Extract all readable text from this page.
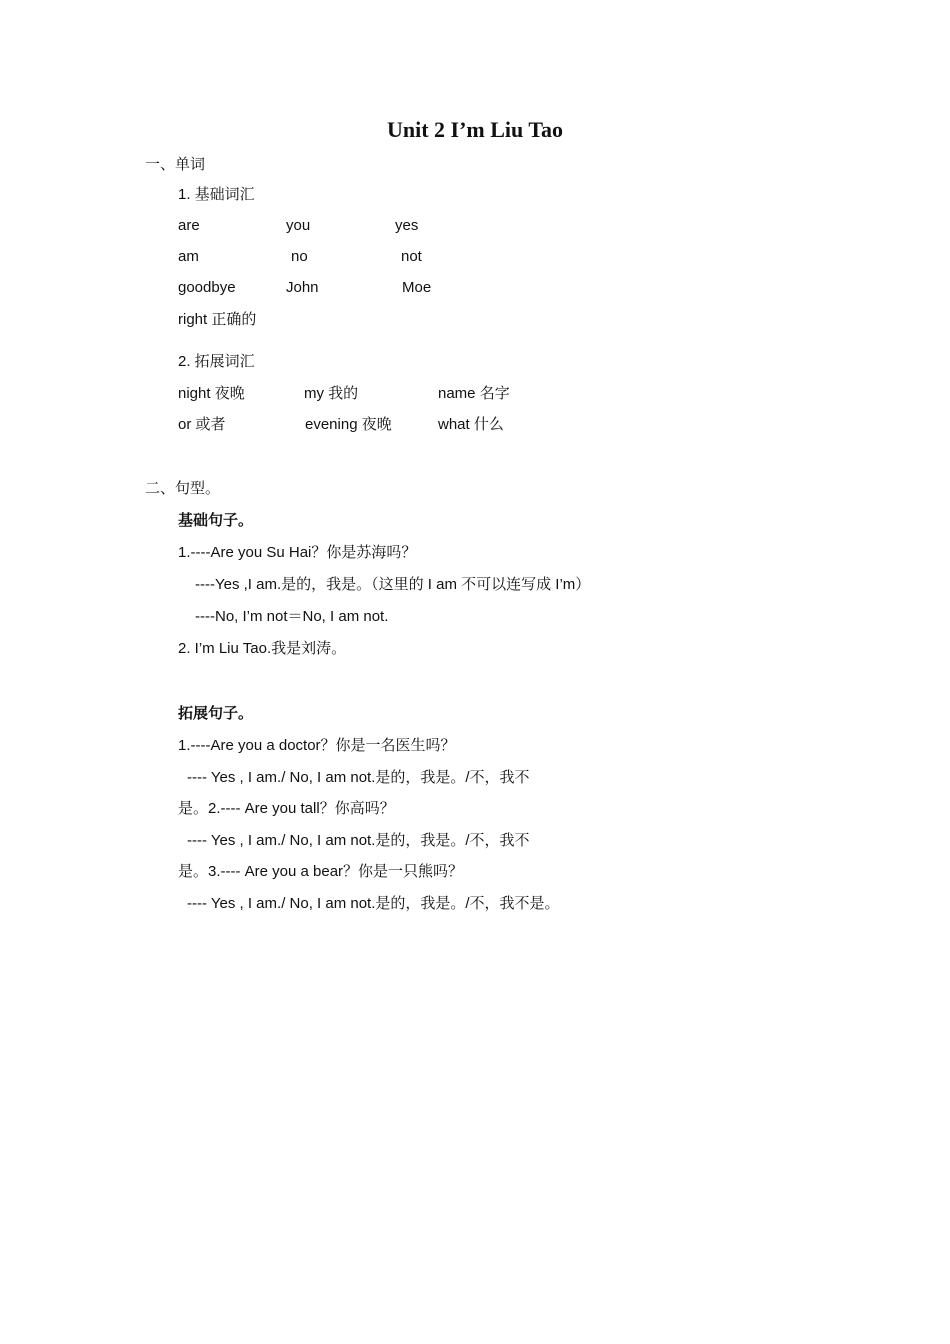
Unit 2 I’m Liu Tao
一、单词
1. 基础词汇
are	you	yes
am	no	not
goodbye	John	Moe
right 正确的
2. 拓展词汇
night 夜晚	my 我的	name 名字
or 或者	evening 夜晚	what 什么
二、句型。
基础句子。
1.----Are you Su Hai？你是苏海吗？
----Yes ,I am.是的，我是。（这里的 I am 不可以连写成 I’m）
----No, I’m not＝No, I am not.
2. I’m Liu Tao.我是刘涛。
拓展句子。
1.----Are you a doctor？你是一名医生吗？
---- Yes , I am./ No, I am not.是的，我是。/不，我不
是。2.---- Are you tall？你高吗？
---- Yes , I am./ No, I am not.是的，我是。/不，我不
是。3.---- Are you a bear？你是一只熊吗？
---- Yes , I am./ No, I am not.是的，我是。/不，我不是。
